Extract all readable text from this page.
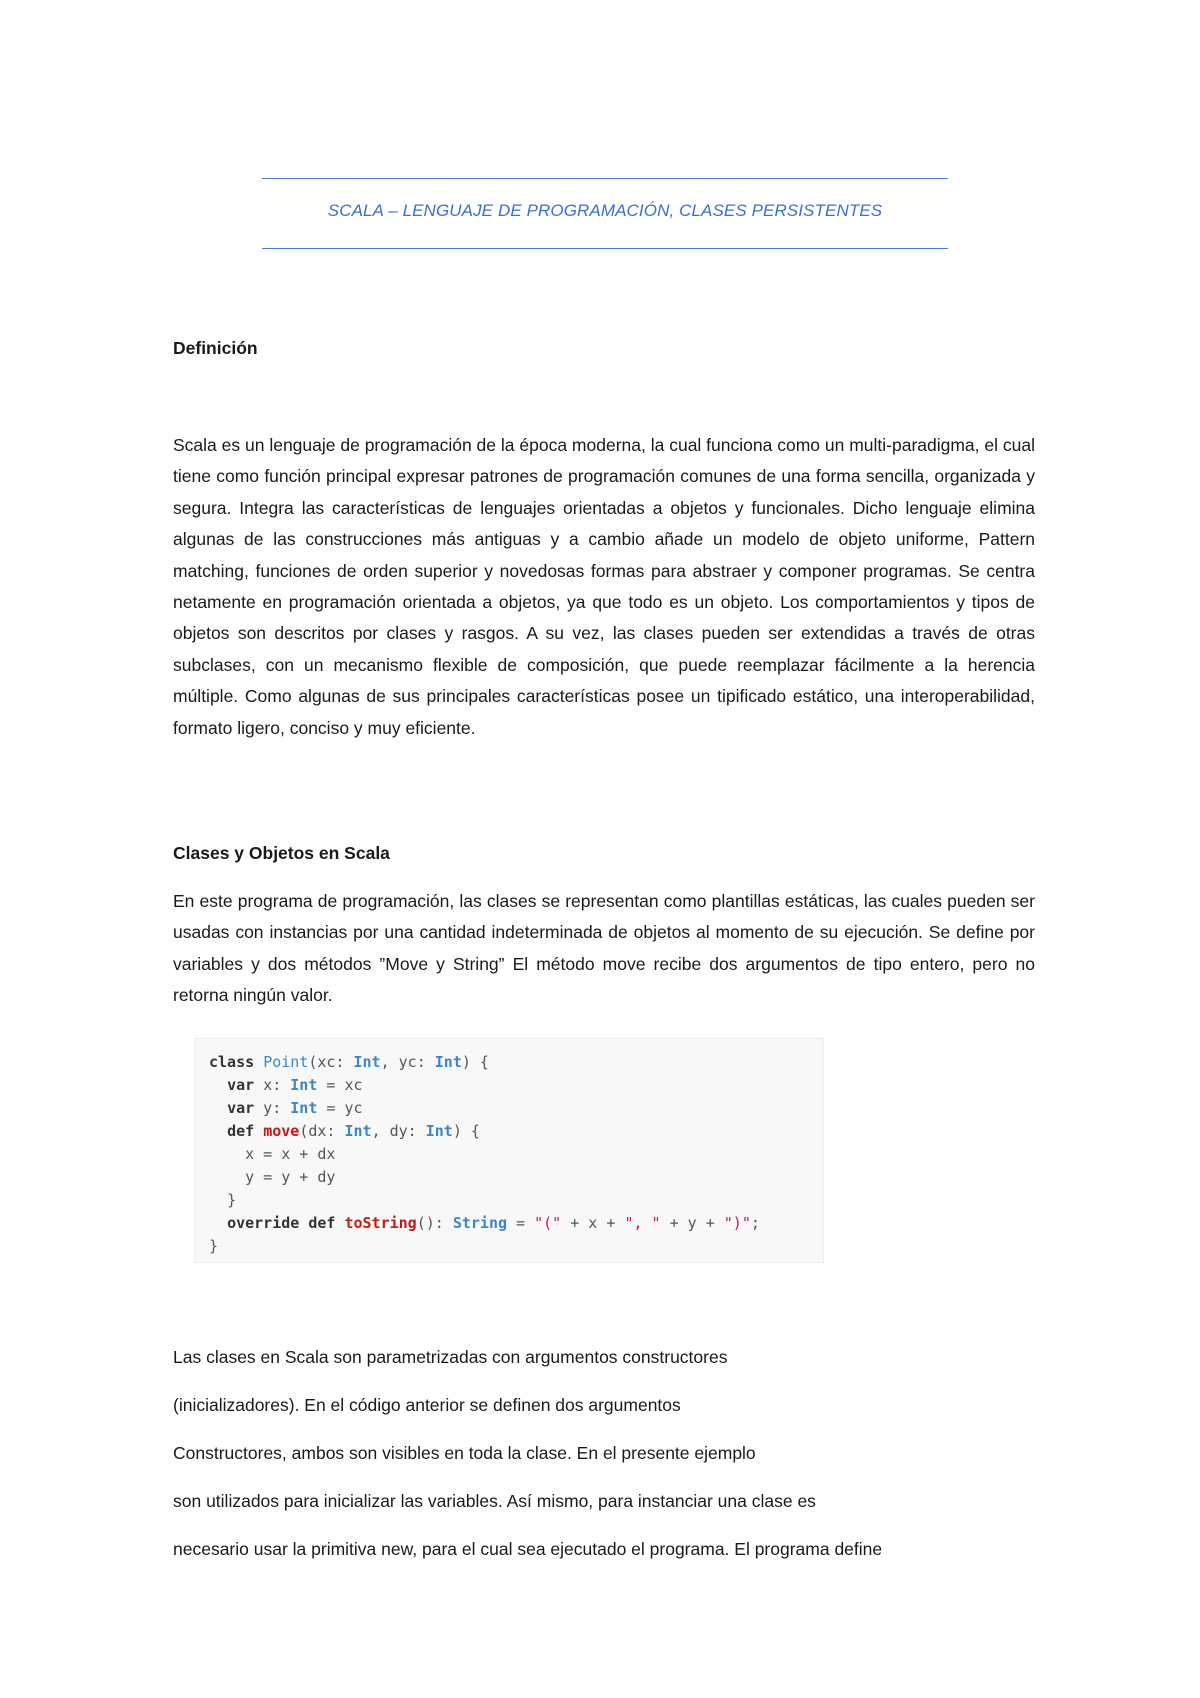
SCALA – LENGUAJE DE PROGRAMACIÓN, CLASES PERSISTENTES
Definición
Scala es un lenguaje de programación de la época moderna, la cual funciona como un multi-paradigma, el cual tiene como función principal expresar patrones de programación comunes de una forma sencilla, organizada y segura. Integra las características de lenguajes orientadas a objetos y funcionales. Dicho lenguaje elimina algunas de las construcciones más antiguas y a cambio añade un modelo de objeto uniforme, Pattern matching, funciones de orden superior y novedosas formas para abstraer y componer programas. Se centra netamente en programación orientada a objetos, ya que todo es un objeto. Los comportamientos y tipos de objetos son descritos por clases y rasgos. A su vez, las clases pueden ser extendidas a través de otras subclases, con un mecanismo flexible de composición, que puede reemplazar fácilmente a la herencia múltiple. Como algunas de sus principales características posee un tipificado estático, una interoperabilidad, formato ligero, conciso y muy eficiente.
Clases y Objetos en Scala
En este programa de programación, las clases se representan como plantillas estáticas, las cuales pueden ser usadas con instancias por una cantidad indeterminada de objetos al momento de su ejecución. Se define por variables y dos métodos ”Move y String” El método move recibe dos argumentos de tipo entero, pero no retorna ningún valor.
class Point(xc: Int, yc: Int) {
var x: Int = xc
var y: Int = yc
def move(dx: Int, dy: Int) {
x = x + dx
y = y + dy
}
override def toString(): String = "(" + x + ", " + y + ")";
}
Las clases en Scala son parametrizadas con argumentos constructores
(inicializadores). En el código anterior se definen dos argumentos
Constructores, ambos son visibles en toda la clase. En el presente ejemplo
son utilizados para inicializar las variables. Así mismo, para instanciar una clase es
necesario usar la primitiva new, para el cual sea ejecutado el programa. El programa define
